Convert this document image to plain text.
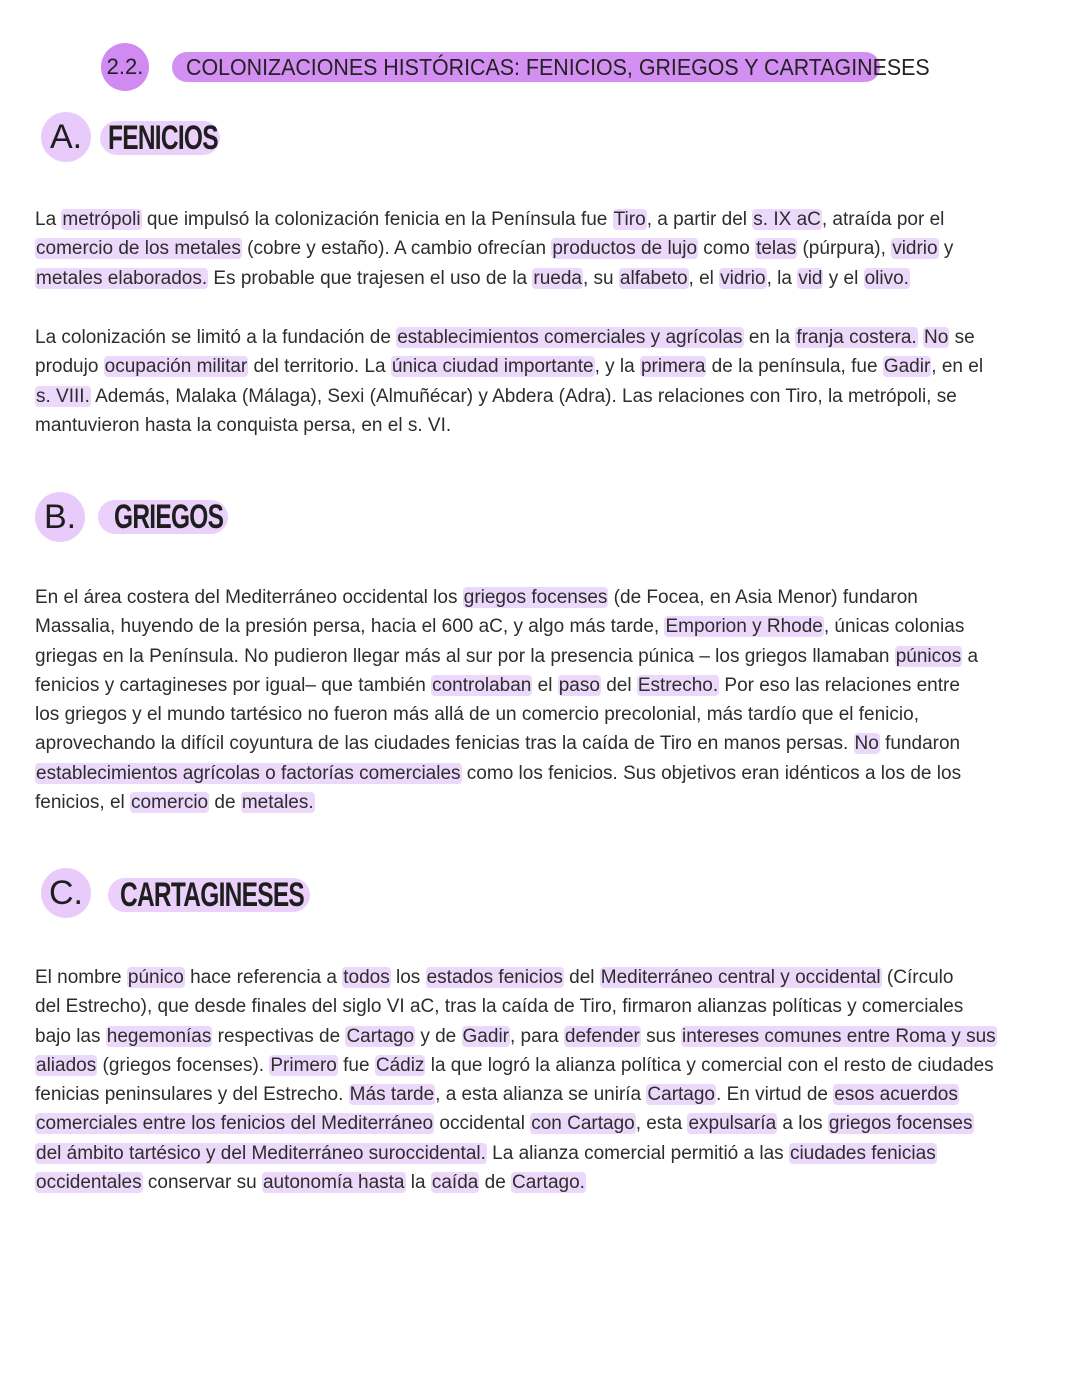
2.2. COLONIZACIONES HISTÓRICAS: FENICIOS, GRIEGOS Y CARTAGINESES
A. FENICIOS
La metrópoli que impulsó la colonización fenicia en la Península fue Tiro, a partir del s. IX aC, atraída por el
comercio de los metales (cobre y estaño). A cambio ofrecían productos de lujo como telas (púrpura), vidrio y
metales elaborados. Es probable que trajesen el uso de la rueda, su alfabeto, el vidrio, la vid y el olivo.
La colonización se limitó a la fundación de establecimientos comerciales y agrícolas en la franja costera. No se
produjo ocupación militar del territorio. La única ciudad importante, y la primera de la península, fue Gadir, en el
s. VIII. Además, Malaka (Málaga), Sexi (Almuñécar) y Abdera (Adra). Las relaciones con Tiro, la metrópoli, se
mantuvieron hasta la conquista persa, en el s. VI.
B. GRIEGOS
En el área costera del Mediterráneo occidental los griegos focenses (de Focea, en Asia Menor) fundaron
Massalia, huyendo de la presión persa, hacia el 600 aC, y algo más tarde, Emporion y Rhode, únicas colonias
griegas en la Península. No pudieron llegar más al sur por la presencia púnica – los griegos llamaban púnicos a
fenicios y cartagineses por igual– que también controlaban el paso del Estrecho. Por eso las relaciones entre
los griegos y el mundo tartésico no fueron más allá de un comercio precolonial, más tardío que el fenicio,
aprovechando la difícil coyuntura de las ciudades fenicias tras la caída de Tiro en manos persas. No fundaron
establecimientos agrícolas o factorías comerciales como los fenicios. Sus objetivos eran idénticos a los de los
fenicios, el comercio de metales.
C. CARTAGINESES
El nombre púnico hace referencia a todos los estados fenicios del Mediterráneo central y occidental (Círculo
del Estrecho), que desde finales del siglo VI aC, tras la caída de Tiro, firmaron alianzas políticas y comerciales
bajo las hegemonías respectivas de Cartago y de Gadir, para defender sus intereses comunes entre Roma y sus
aliados (griegos focenses). Primero fue Cádiz la que logró la alianza política y comercial con el resto de ciudades
fenicias peninsulares y del Estrecho. Más tarde, a esta alianza se uniría Cartago. En virtud de esos acuerdos
comerciales entre los fenicios del Mediterráneo occidental con Cartago, esta expulsaría a los griegos focenses
del ámbito tartésico y del Mediterráneo suroccidental. La alianza comercial permitió a las ciudades fenicias
occidentales conservar su autonomía hasta la caída de Cartago.
